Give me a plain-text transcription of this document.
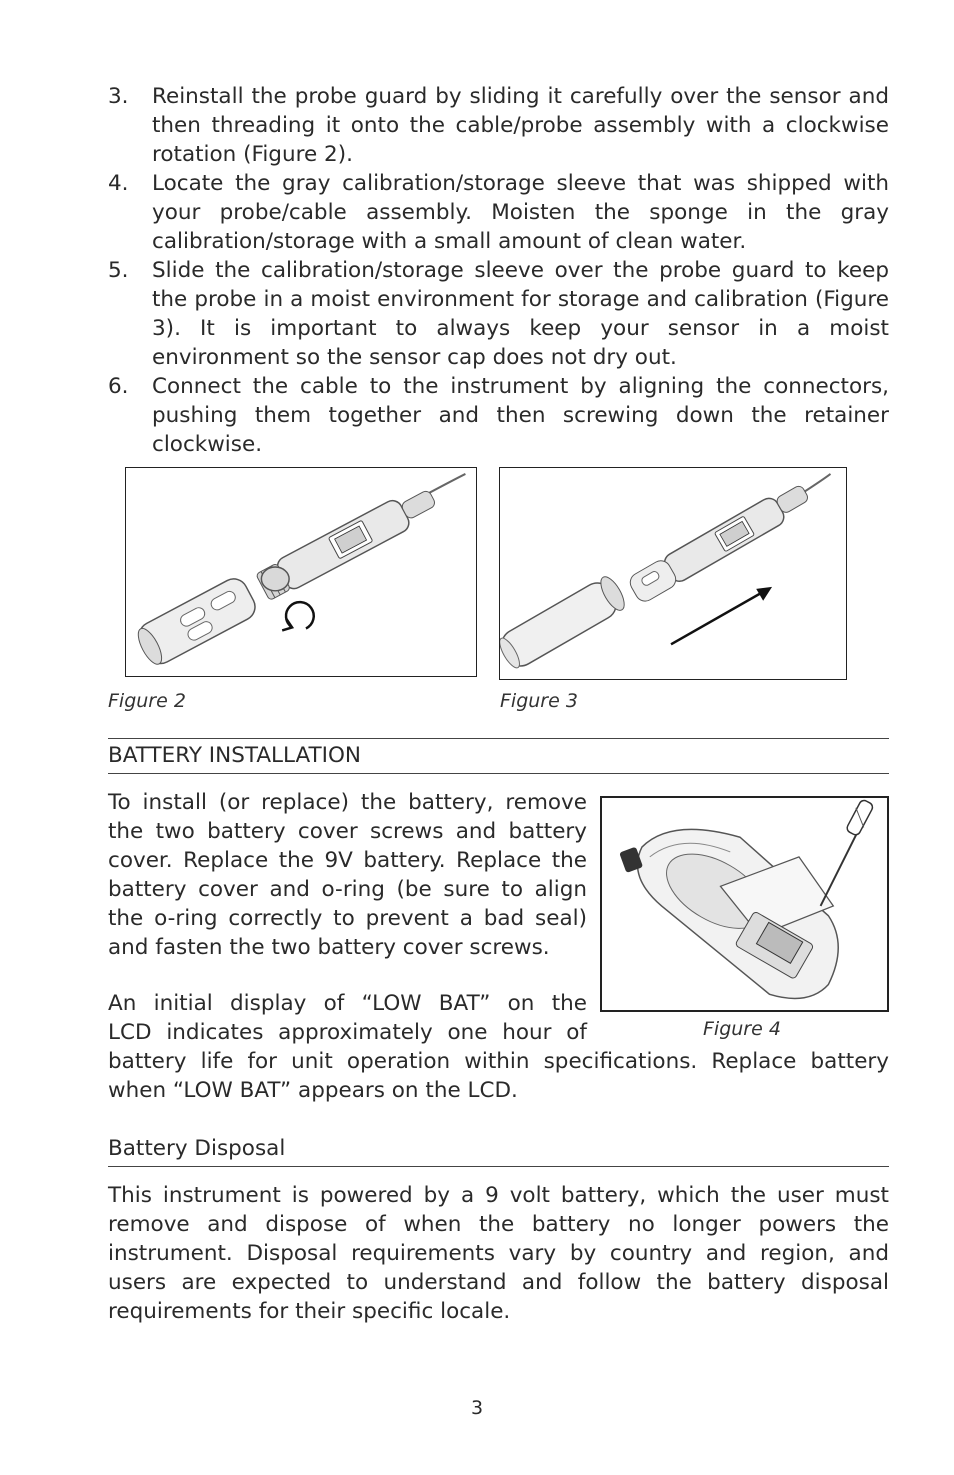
3.	Reinstall the probe guard by sliding it carefully over the sensor and then threading it onto the cable/probe assembly with a clockwise rotation (Figure 2).
4.	Locate the gray calibration/storage sleeve that was shipped with your probe/cable assembly. Moisten the sponge in the gray calibration/storage with a small amount of clean water.
5.	Slide the calibration/storage sleeve over the probe guard to keep the probe in a moist environment for storage and calibration (Figure 3). It is important to always keep your sensor in a moist environment so the sensor cap does not dry out.
6.	Connect the cable to the instrument by aligning the connectors, pushing them together and then screwing down the retainer clockwise.
Figure 2	Figure 3
BATTERY INSTALLATION

To install (or replace) the battery, remove
the two battery cover screws and battery
cover. Replace the 9V battery. Replace the
battery cover and o-ring (be sure to align
the o-ring correctly to prevent a bad seal)
and fasten the two battery cover screws.

An initial display of “LOW BAT” on the
LCD indicates approximately one hour of

battery life for unit operation within specifications. Replace battery
when “LOW BAT” appears on the LCD.

Figure 4
Battery Disposal

This instrument is powered by a 9 volt battery, which the user must remove and dispose of when the battery no longer powers the instrument. Disposal requirements vary by country and region, and users are expected to understand and follow the battery disposal requirements for their specific locale.

3
